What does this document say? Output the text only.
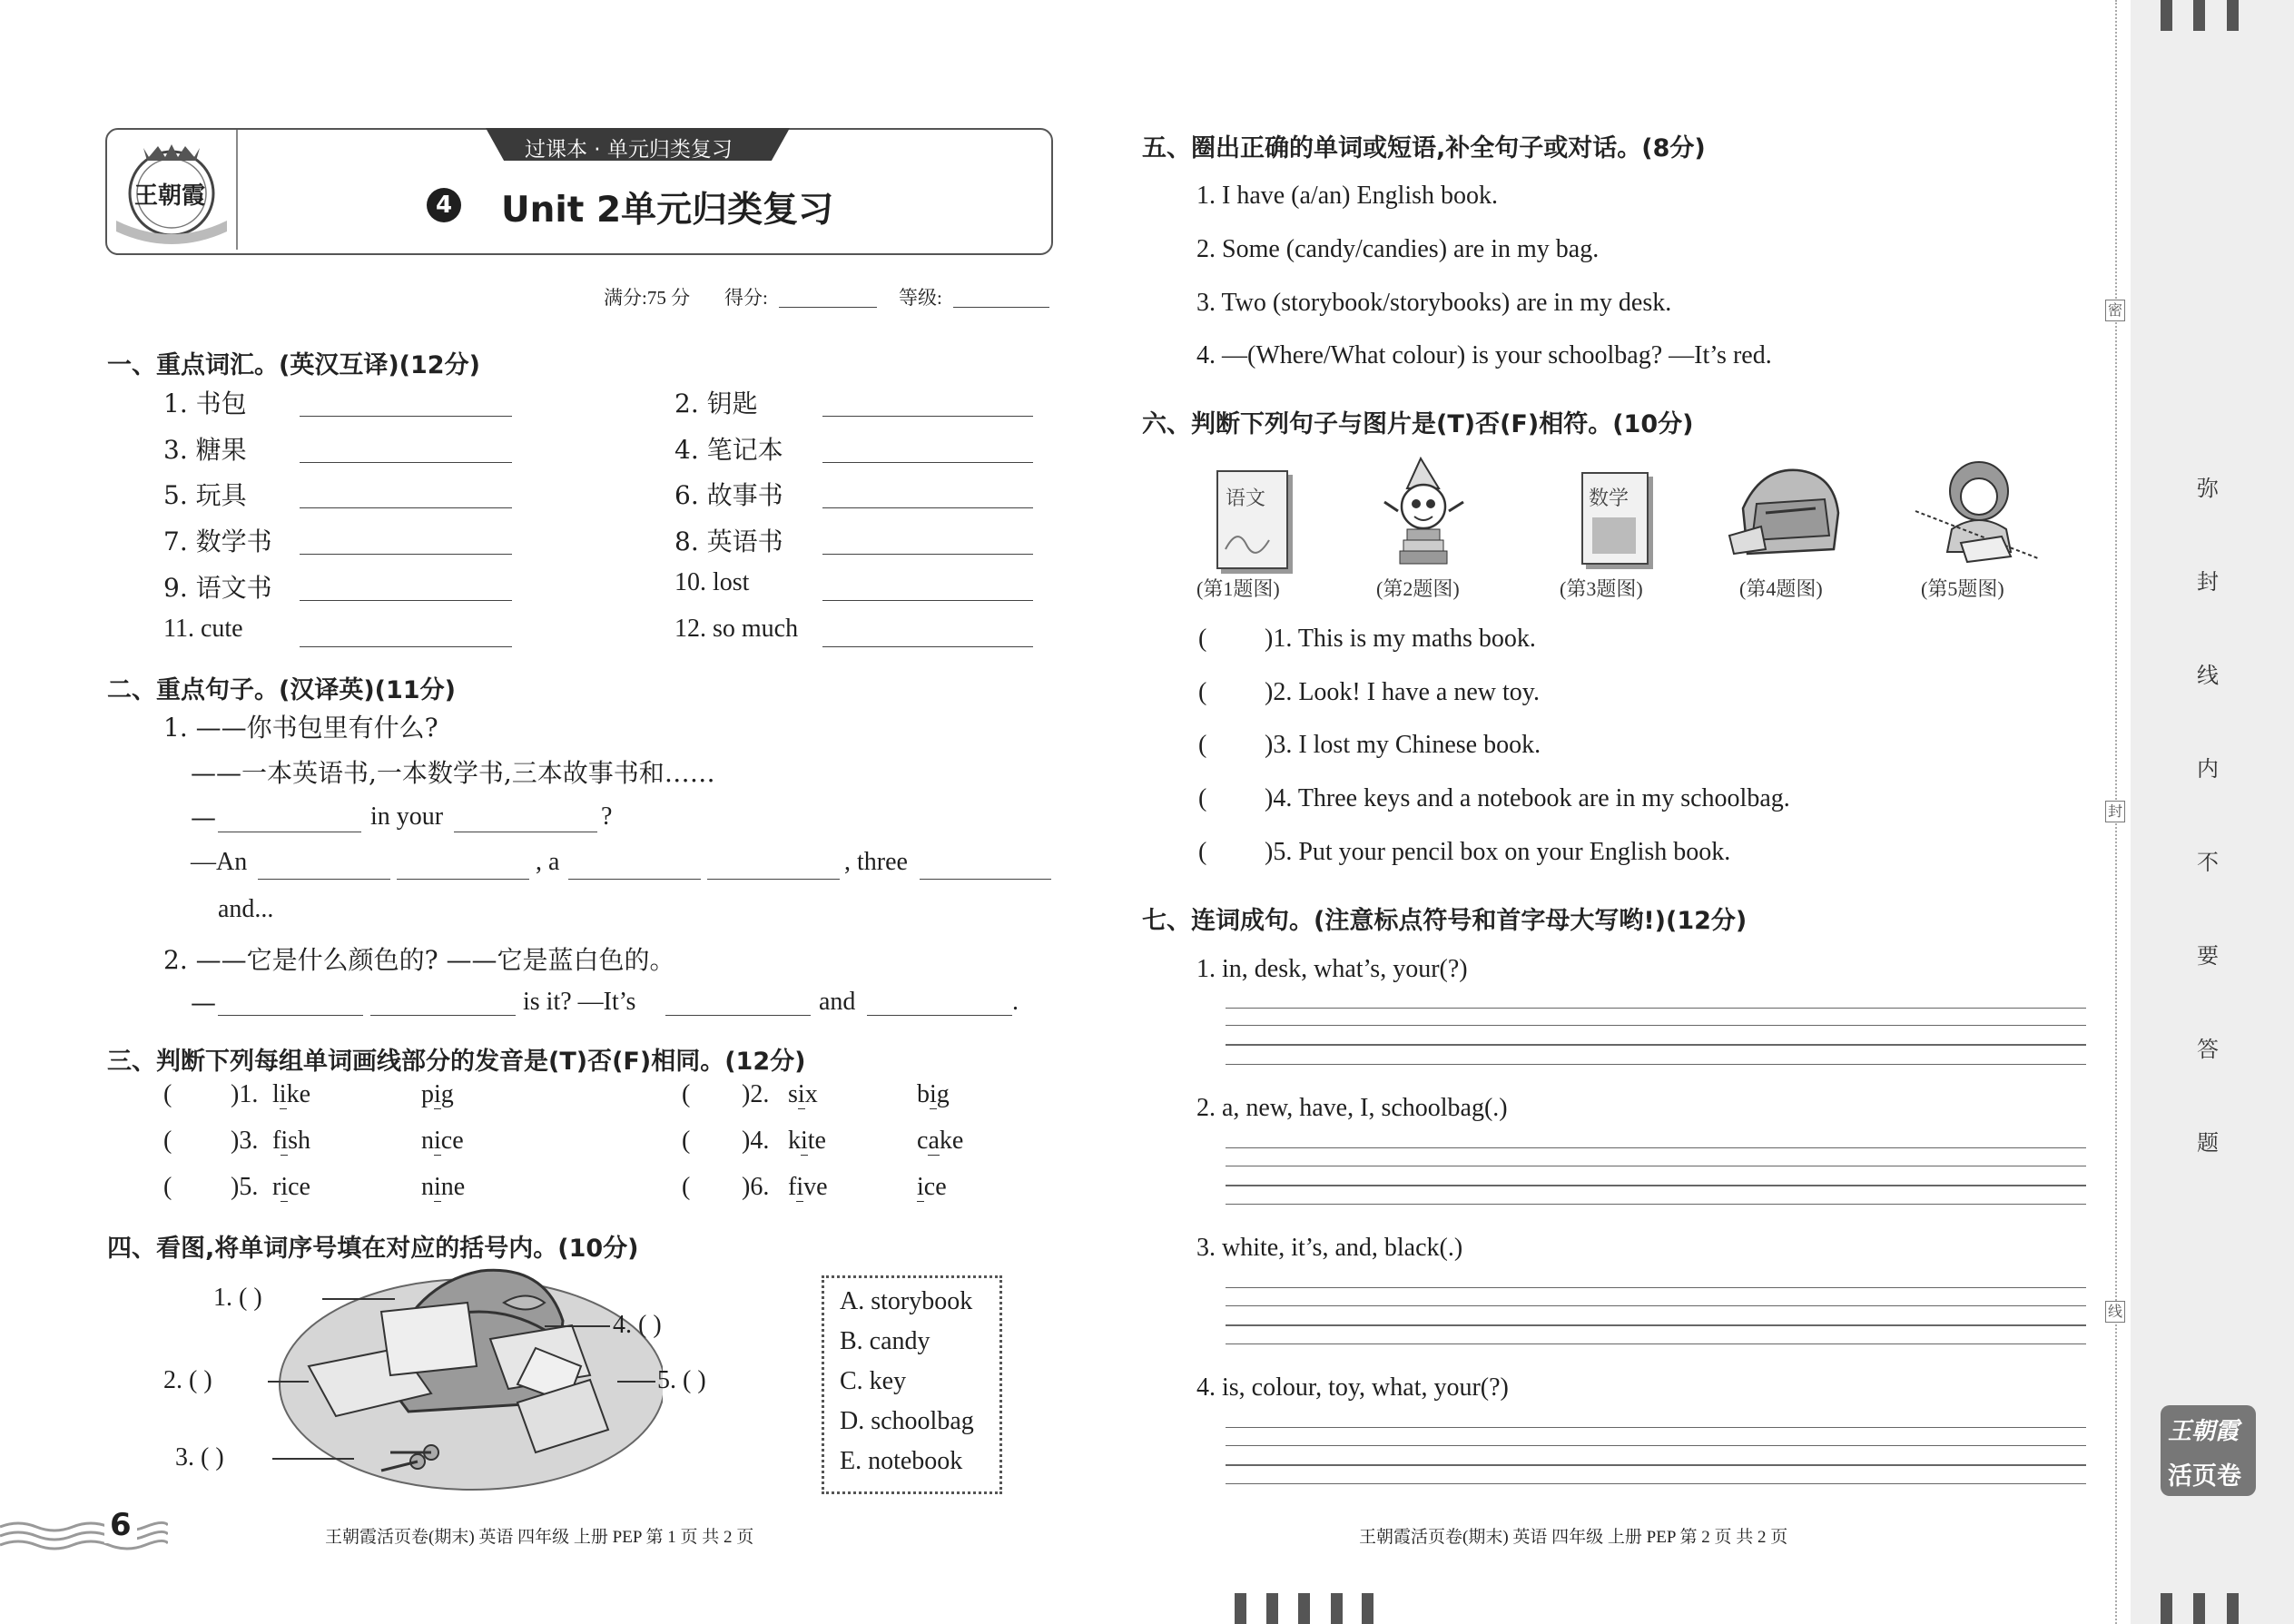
王朝霞
过课本 · 单元归类复习
4 Unit 2单元归类复习
满分:75 分 得分:	等级:
一、重点词汇。(英汉互译)(12分)
1. 书包	2. 钥匙
3. 糖果	4. 笔记本
5. 玩具	6. 故事书
7. 数学书	8. 英语书
9. 语文书	10. lost
11. cute	12. so much
二、重点句子。(汉译英)(11分)
1. ——你书包里有什么?
——一本英语书,一本数学书,三本故事书和……
—	in your	?
—An	, a	, three
and...
2. ——它是什么颜色的? ——它是蓝白色的。
—	is it? —It’s	and	.
三、判断下列每组单词画线部分的发音是(T)否(F)相同。(12分)
( )1. like	pig	( )2. six	big
( )3. fish	nice	( )4. kite	cake
( )5. rice	nine	( )6. five	ice
四、看图,将单词序号填在对应的括号内。(10分)
1. ( )
2. ( )
3. ( )
4. ( )
5. ( )
A. storybook
B. candy
C. key
D. schoolbag
E. notebook
6	王朝霞活页卷(期末) 英语 四年级 上册 PEP 第 1 页 共 2 页
五、圈出正确的单词或短语,补全句子或对话。(8分)
1. I have (a/an) English book.
2. Some (candy/candies) are in my bag.
3. Two (storybook/storybooks) are in my desk.
4. —(Where/What colour) is your schoolbag? —It’s red.
六、判断下列句子与图片是(T)否(F)相符。(10分)
语文	数学
(第1题图)	(第2题图)	(第3题图)	(第4题图)	(第5题图)
( )1. This is my maths book.
( )2. Look! I have a new toy.
( )3. I lost my Chinese book.
( )4. Three keys and a notebook are in my schoolbag.
( )5. Put your pencil box on your English book.
七、连词成句。(注意标点符号和首字母大写哟!)(12分)
1. in, desk, what’s, your(?)
2. a, new, have, I, schoolbag(.)
3. white, it’s, and, black(.)
4. is, colour, toy, what, your(?)
王朝霞活页卷(期末) 英语 四年级 上册 PEP 第 2 页 共 2 页
密
封
线
弥
封
线
内
不
要
答
题
王朝霞
活页卷
